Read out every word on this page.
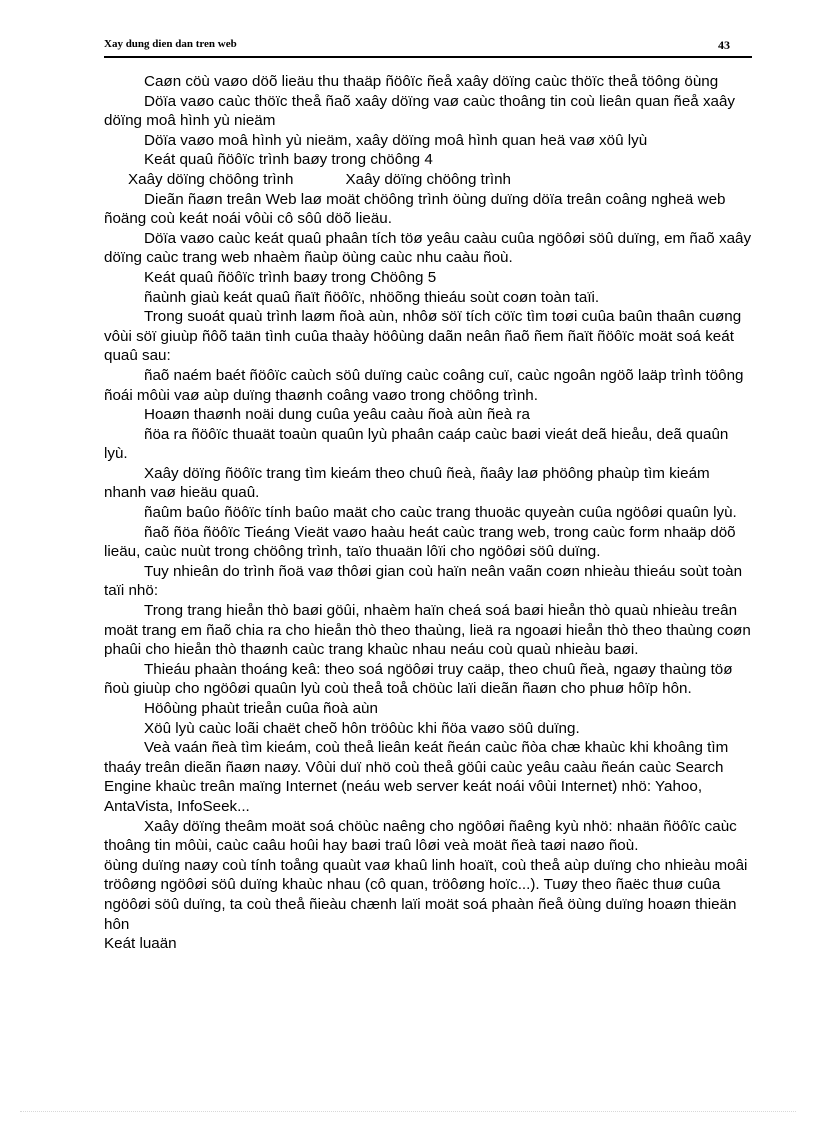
Xay dung dien dan tren web	43

Caøn cöù vaøo döõ lieäu thu thaäp ñöôïc ñeå xaây döïng caùc thöïc theå töông öùng

Döïa vaøo caùc thöïc theå ñaõ xaây döïng vaø caùc thoâng tin coù lieân quan ñeå xaây döïng moâ hình yù nieäm

Döïa vaøo moâ hình yù nieäm, xaây döïng moâ hình quan heä vaø xöû lyù

Keát quaû ñöôïc trình baøy trong chöông 4

Xaây döïng chöông trình	Xaây döïng chöông trình

Dieãn ñaøn treân Web laø moät chöông trình öùng duïng döïa treân coâng ngheä web ñoäng coù keát noái vôùi cô sôû döõ lieäu.

Döïa vaøo caùc keát quaû phaân tích töø yeâu caàu cuûa ngöôøi söû duïng, em ñaõ xaây döïng caùc trang web nhaèm ñaùp öùng caùc nhu caàu ñoù.

Keát quaû ñöôïc trình baøy trong Chöông 5

ñaùnh giaù keát quaû ñaït ñöôïc, nhöõng thieáu soùt coøn toàn taïi.

Trong suoát quaù trình laøm ñoà aùn, nhôø söï tích cöïc tìm toøi cuûa baûn thaân cuøng vôùi söï giuùp ñôõ taän tình cuûa thaày höôùng daãn neân ñaõ ñem ñaït ñöôïc moät soá keát quaû sau:

ñaõ naém baét ñöôïc caùch söû duïng caùc coâng cuï, caùc ngoân ngöõ laäp trình töông ñoái môùi vaø aùp duïng thaønh coâng vaøo trong chöông trình.

Hoaøn thaønh noäi dung cuûa yeâu caàu ñoà aùn ñeà ra

ñöa ra ñöôïc thuaät toaùn quaûn lyù phaân caáp caùc baøi vieát deã hieåu, deã quaûn lyù.

Xaây döïng ñöôïc trang tìm kieám theo chuû ñeà, ñaây laø phöông phaùp tìm kieám nhanh vaø hieäu quaû.

ñaûm baûo ñöôïc tính baûo maät cho caùc trang thuoäc quyeàn cuûa ngöôøi quaûn lyù.

ñaõ ñöa ñöôïc Tieáng Vieät vaøo haàu heát caùc trang web, trong caùc form nhaäp döõ lieäu, caùc nuùt trong chöông trình, taïo thuaän lôïi cho ngöôøi söû duïng.

Tuy nhieân do trình ñoä vaø thôøi gian coù haïn neân vaãn coøn nhieàu thieáu soùt toàn taïi nhö:

Trong trang hieån thò baøi göûi, nhaèm haïn cheá soá baøi hieån thò quaù nhieàu treân moät trang em ñaõ chia ra cho hieån thò theo thaùng, lieä ra ngoaøi hieån thò theo thaùng coøn phaûi cho hieån thò thaønh caùc trang khaùc nhau neáu coù quaù nhieàu baøi.

Thieáu phaàn thoáng keâ: theo soá ngöôøi truy caäp, theo chuû ñeà, ngaøy thaùng töø ñoù giuùp cho ngöôøi quaûn lyù coù theå toå chöùc laïi dieãn ñaøn cho phuø hôïp hôn.

Höôùng phaùt trieån cuûa ñoà aùn

Xöû lyù caùc loãi chaët cheõ hôn tröôùc khi ñöa vaøo söû duïng.

Veà vaán ñeà tìm kieám, coù theå lieân keát ñeán caùc ñòa chæ khaùc khi khoâng tìm thaáy treân dieãn ñaøn naøy. Vôùi duï nhö coù theå göûi caùc yeâu caàu ñeán caùc Search Engine khaùc treân maïng Internet (neáu web server keát noái vôùi Internet) nhö: Yahoo, AntaVista, InfoSeek...

Xaây döïng theâm moät soá chöùc naêng cho ngöôøi ñaêng kyù nhö: nhaän ñöôïc caùc thoâng tin môùi, caùc caâu hoûi hay baøi traû lôøi veà moät ñeà taøi naøo ñoù.

öùng duïng naøy coù tính toång quaùt vaø khaû linh hoaït, coù theå aùp duïng cho nhieàu moâi tröôøng ngöôøi söû duïng khaùc nhau (cô quan, tröôøng hoïc...). Tuøy theo ñaëc thuø cuûa ngöôøi söû duïng, ta coù theå ñieàu chænh laïi moät soá phaàn ñeå öùng duïng hoaøn thieän hôn

Keát luaän
